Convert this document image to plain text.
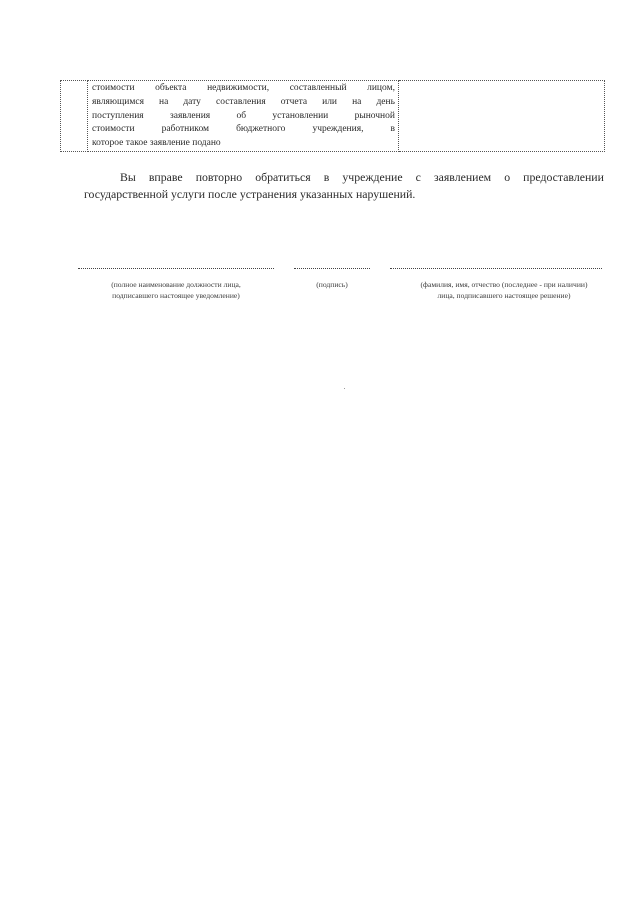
стоимости объекта недвижимости, составленный лицом,
являющимся на дату составления отчета или на день
поступления	заявления	об	установлении	рыночной
стоимости	работником	бюджетного	учреждения,	в
которое такое заявление подано

Вы вправе повторно обратиться в учреждение с заявлением о предоставлении
государственной услуги после устранения указанных нарушений.
(полное наименование должности лица,
подписавшего настоящее уведомление)
(подпись)	(фамилия, имя, отчество (последнее - при наличии)
лица, подписавшего настоящее решение)
